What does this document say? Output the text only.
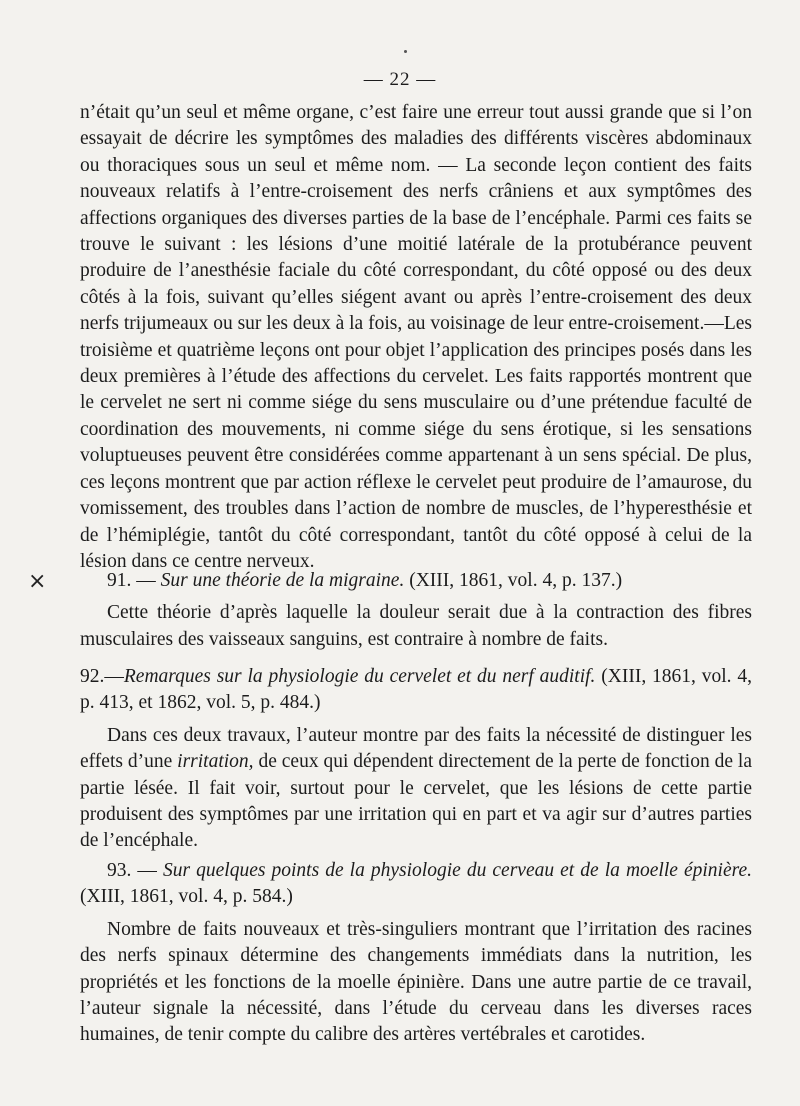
— 22 —

n’était qu’un seul et même organe, c’est faire une erreur tout aussi grande que si l’on essayait de décrire les symptômes des maladies des différents viscères abdominaux ou thoraciques sous un seul et même nom. — La seconde leçon contient des faits nouveaux relatifs à l’entre-croisement des nerfs crâniens et aux symptômes des affections organiques des diverses parties de la base de l’encéphale. Parmi ces faits se trouve le suivant : les lésions d’une moitié latérale de la protubérance peuvent produire de l’anesthésie faciale du côté correspondant, du côté opposé ou des deux côtés à la fois, suivant qu’elles siégent avant ou après l’entre-croisement des deux nerfs trijumeaux ou sur les deux à la fois, au voisinage de leur entre-croisement.—Les troisième et quatrième leçons ont pour objet l’application des principes posés dans les deux premières à l’étude des affections du cervelet. Les faits rapportés montrent que le cervelet ne sert ni comme siége du sens musculaire ou d’une prétendue faculté de coordination des mouvements, ni comme siége du sens érotique, si les sensations voluptueuses peuvent être considérées comme appartenant à un sens spécial. De plus, ces leçons montrent que par action réflexe le cervelet peut produire de l’amaurose, du vomissement, des troubles dans l’action de nombre de muscles, de l’hyperesthésie et de l’hémiplégie, tantôt du côté correspondant, tantôt du côté opposé à celui de la lésion dans ce centre nerveux.

×	91. — Sur une théorie de la migraine. (XIII, 1861, vol. 4, p. 137.)

Cette théorie d’après laquelle la douleur serait due à la contraction des fibres musculaires des vaisseaux sanguins, est contraire à nombre de faits.

92.—Remarques sur la physiologie du cervelet et du nerf auditif. (XIII, 1861, vol. 4, p. 413, et 1862, vol. 5, p. 484.)

Dans ces deux travaux, l’auteur montre par des faits la nécessité de distinguer les effets d’une irritation, de ceux qui dépendent directement de la perte de fonction de la partie lésée. Il fait voir, surtout pour le cervelet, que les lésions de cette partie produisent des symptômes par une irritation qui en part et va agir sur d’autres parties de l’encéphale.

93. — Sur quelques points de la physiologie du cerveau et de la moelle épinière. (XIII, 1861, vol. 4, p. 584.)

Nombre de faits nouveaux et très-singuliers montrant que l’irritation des racines des nerfs spinaux détermine des changements immédiats dans la nutrition, les propriétés et les fonctions de la moelle épinière. Dans une autre partie de ce travail, l’auteur signale la nécessité, dans l’étude du cerveau dans les diverses races humaines, de tenir compte du calibre des artères vertébrales et carotides.
